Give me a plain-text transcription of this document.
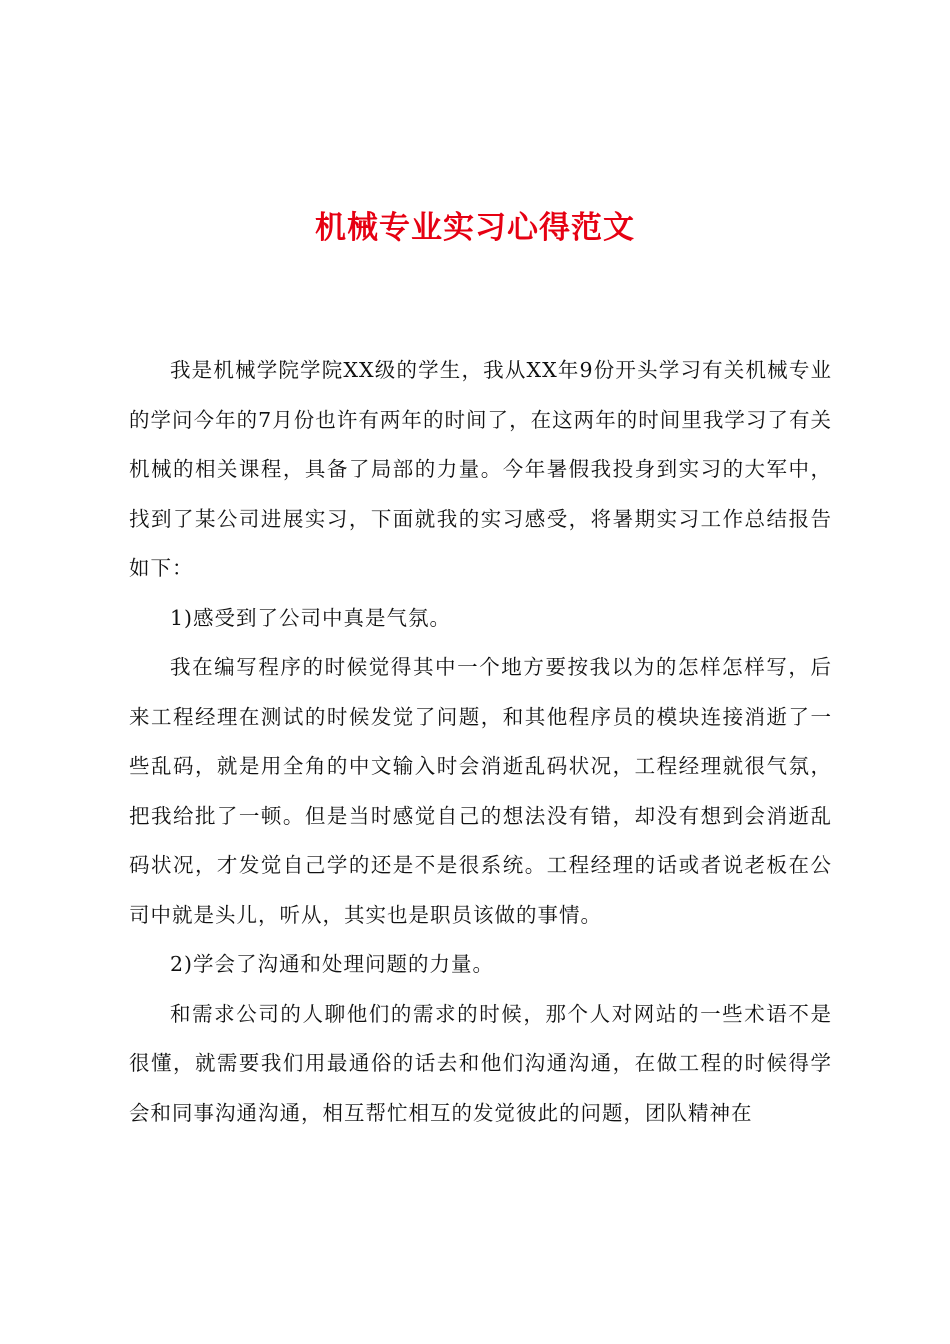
机械专业实习心得范文

我是机械学院学院XX级的学生，我从XX年9份开头学习有关机械专业的学问今年的7月份也许有两年的时间了，在这两年的时间里我学习了有关机械的相关课程，具备了局部的力量。今年暑假我投身到实习的大军中，找到了某公司进展实习，下面就我的实习感受，将暑期实习工作总结报告如下：

1)感受到了公司中真是气氛。

我在编写程序的时候觉得其中一个地方要按我以为的怎样怎样写，后来工程经理在测试的时候发觉了问题，和其他程序员的模块连接消逝了一些乱码，就是用全角的中文输入时会消逝乱码状况，工程经理就很气氛，把我给批了一顿。但是当时感觉自己的想法没有错，却没有想到会消逝乱码状况，才发觉自己学的还是不是很系统。工程经理的话或者说老板在公司中就是头儿，听从，其实也是职员该做的事情。

2)学会了沟通和处理问题的力量。

和需求公司的人聊他们的需求的时候，那个人对网站的一些术语不是很懂，就需要我们用最通俗的话去和他们沟通沟通，在做工程的时候得学会和同事沟通沟通，相互帮忙相互的发觉彼此的问题，团队精神在
